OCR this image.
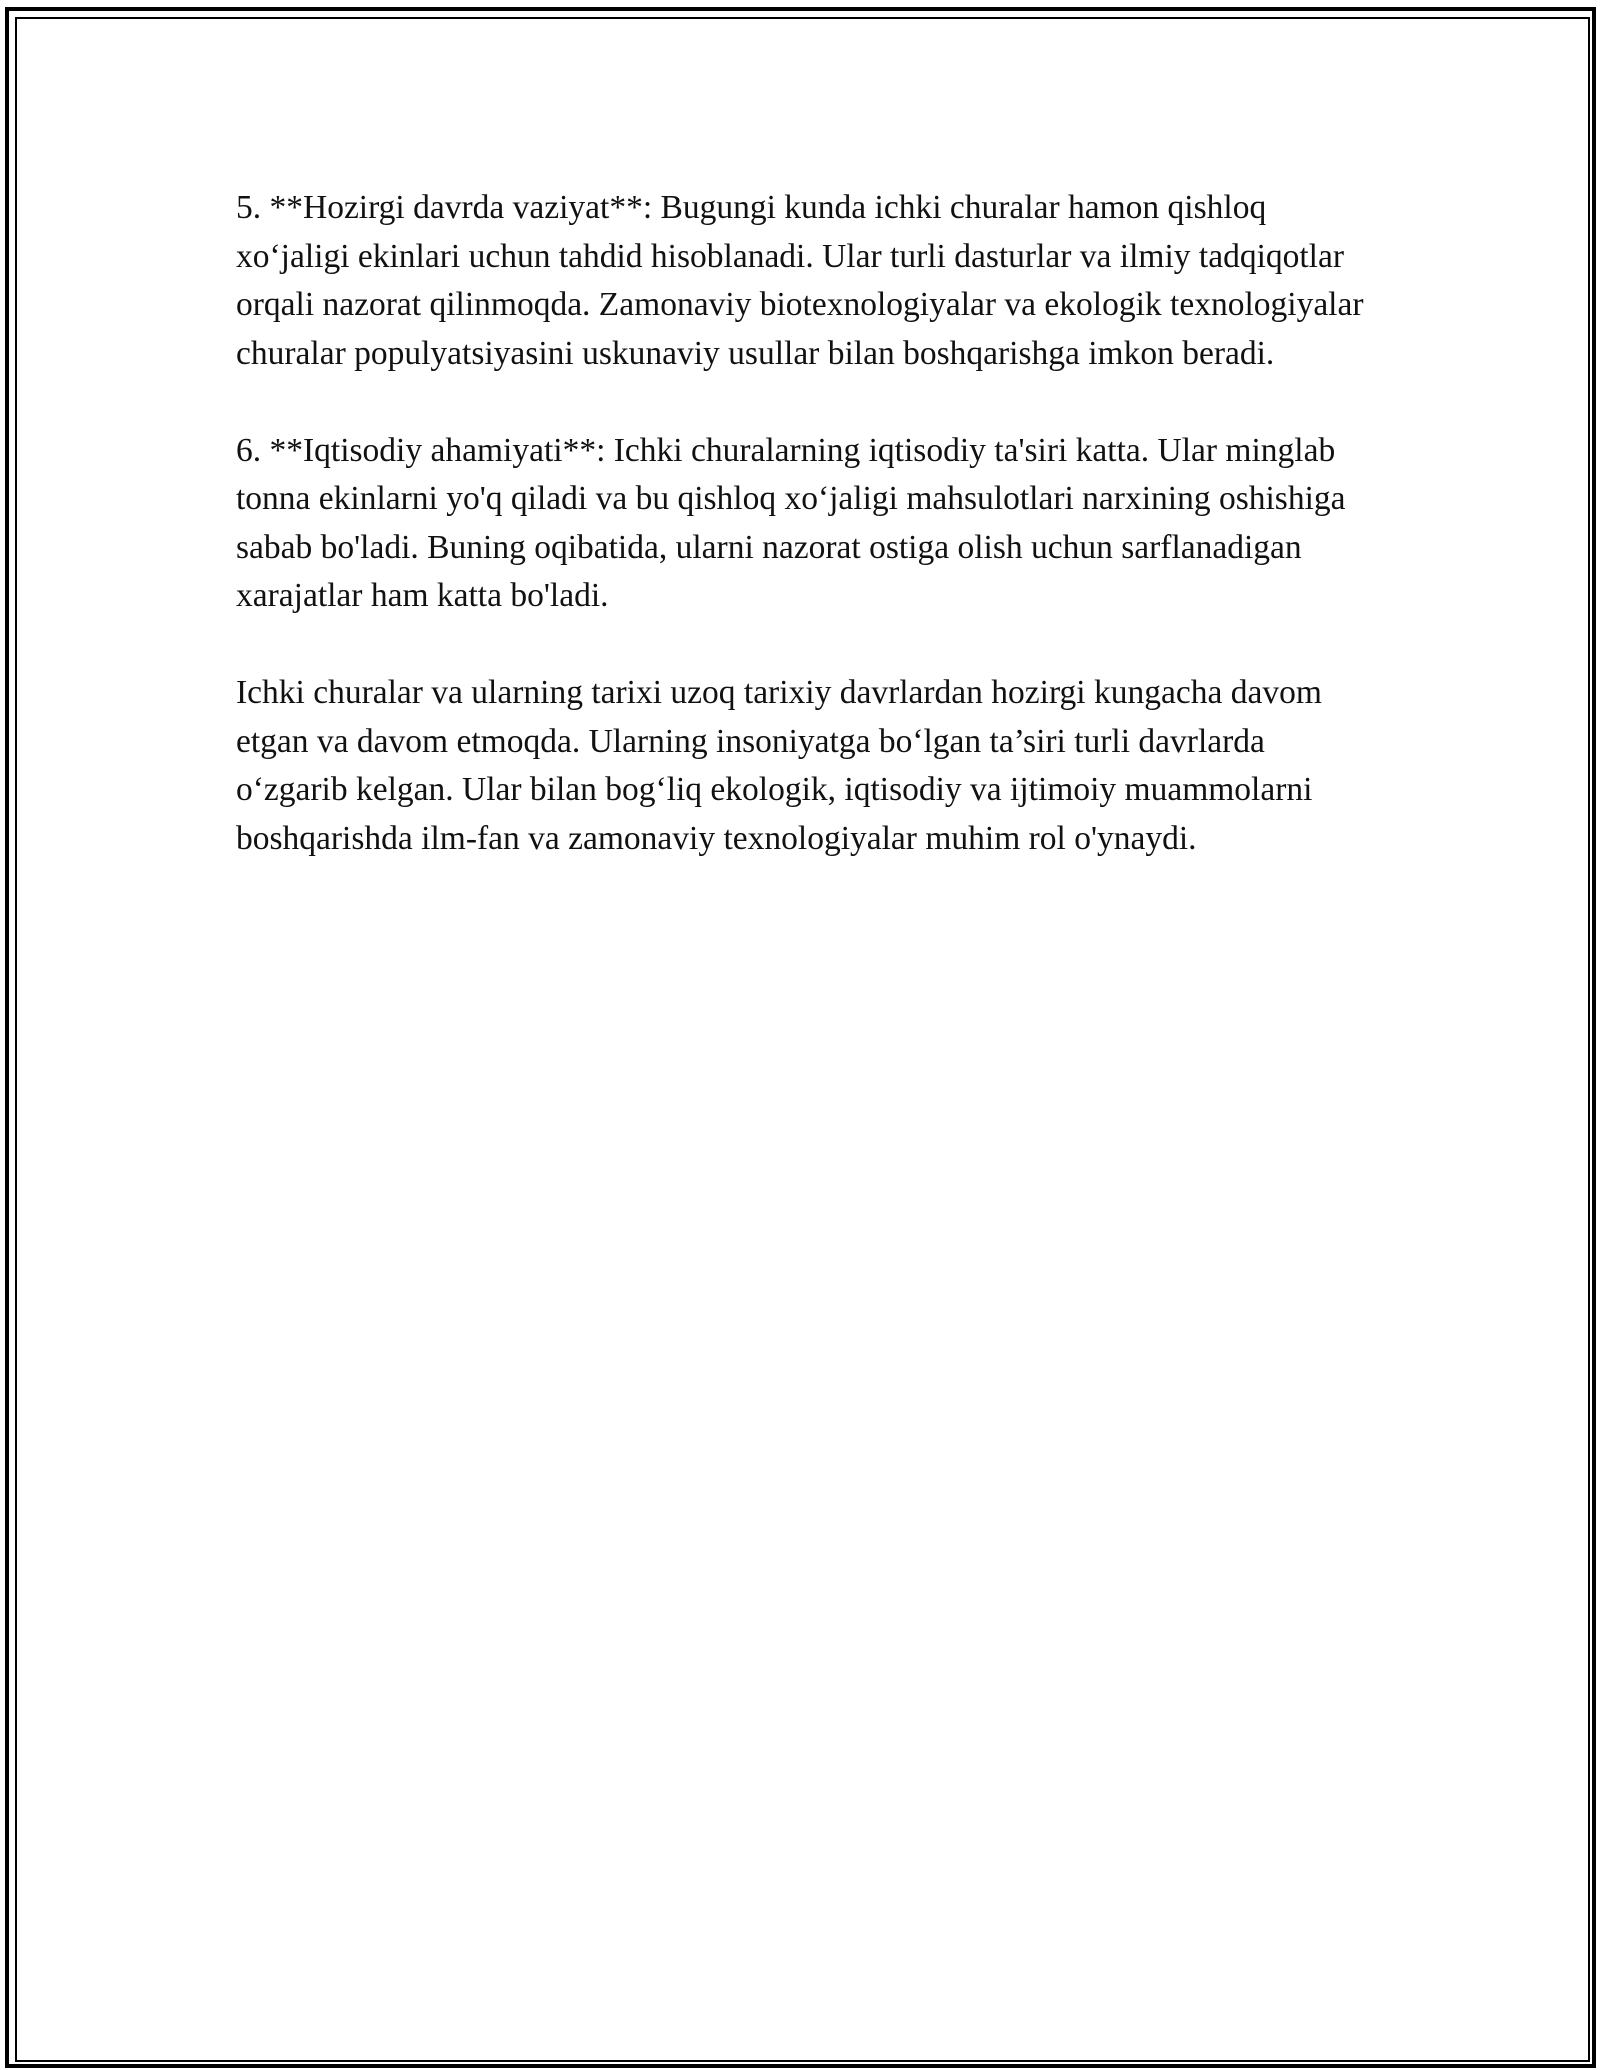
5. **Hozirgi davrda vaziyat**: Bugungi kunda ichki churalar hamon qishloq xo‘jaligi ekinlari uchun tahdid hisoblanadi. Ular turli dasturlar va ilmiy tadqiqotlar orqali nazorat qilinmoqda. Zamonaviy biotexnologiyalar va ekologik texnologiyalar churalar populyatsiyasini uskunaviy usullar bilan boshqarishga imkon beradi.

6. **Iqtisodiy ahamiyati**: Ichki churalarning iqtisodiy ta'siri katta. Ular minglab tonna ekinlarni yo'q qiladi va bu qishloq xo‘jaligi mahsulotlari narxining oshishiga sabab bo'ladi. Buning oqibatida, ularni nazorat ostiga olish uchun sarflanadigan xarajatlar ham katta bo'ladi.

Ichki churalar va ularning tarixi uzoq tarixiy davrlardan hozirgi kungacha davom etgan va davom etmoqda. Ularning insoniyatga bo‘lgan ta’siri turli davrlarda o‘zgarib kelgan. Ular bilan bog‘liq ekologik, iqtisodiy va ijtimoiy muammolarni boshqarishda ilm-fan va zamonaviy texnologiyalar muhim rol o'ynaydi.
